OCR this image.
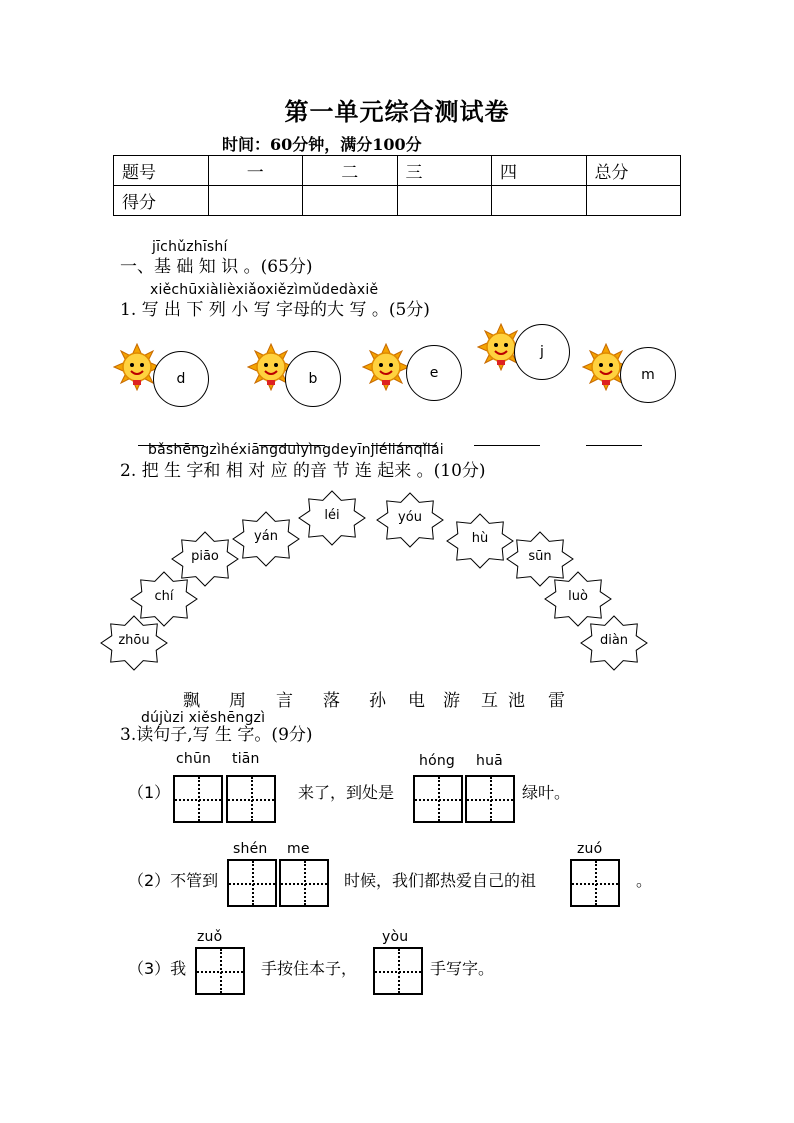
第一单元综合测试卷
时间：60分钟，满分100分
题号	一	二	三	四	总分
得分					
jīchǔzhīshí
一、基 础 知 识 。(65分)
xiěchūxiàlièxiǎoxiězìmǔdedàxiě
1. 写 出 下 列 小 写 字母的大 写 。(5分)
d	b	e
j
m
bǎshēngzìhéxiāngduìyìngdeyīnjiéliánqǐlái
2. 把 生 字和 相 对 应 的音 节 连 起来 。(10分)
zhōu
chí
piāo
yán
léi	yóu
hù
sūn
luò
diàn
飘 周 言 落 孙 电 游 互 池 雷
dújùzi xiěshēngzì
3.读句子,写 生 字。(9分)
chūn tiān
（1）	来了，到处是
hóng huā
绿叶。
shén me
（2）不管到	时候，我们都热爱自己的祖
zuó
。
zuǒ
（3）我	手按住本子，
yòu
手写字。
